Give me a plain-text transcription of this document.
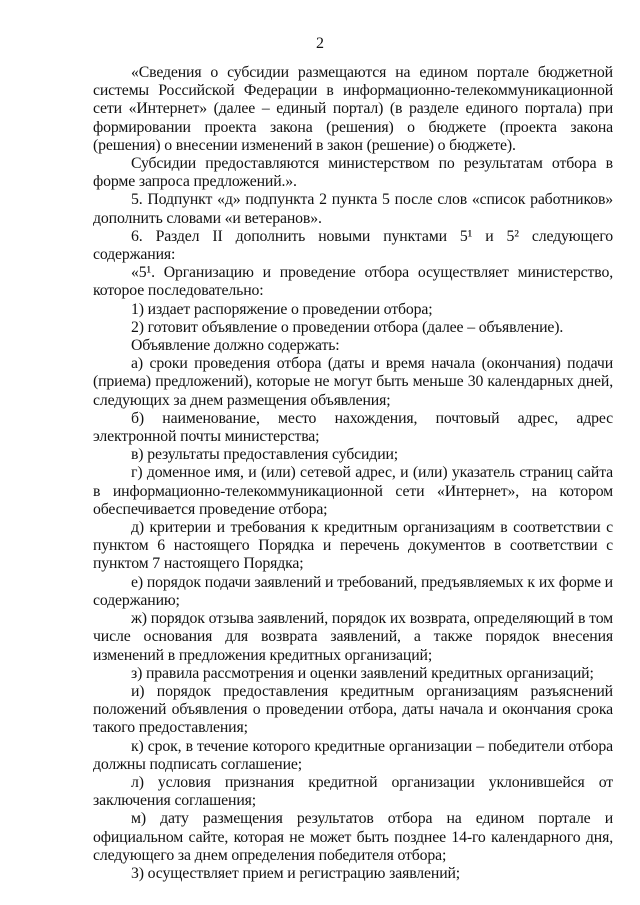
2

«Сведения о субсидии размещаются на едином портале бюджетной системы Российской Федерации в информационно-телекоммуникационной сети «Интернет» (далее – единый портал) (в разделе единого портала) при формировании проекта закона (решения) о бюджете (проекта закона (решения) о внесении изменений в закон (решение) о бюджете).

Субсидии предоставляются министерством по результатам отбора в форме запроса предложений.».

5. Подпункт «д» подпункта 2 пункта 5 после слов «список работников» дополнить словами «и ветеранов».

6. Раздел II дополнить новыми пунктами 5¹ и 5² следующего содержания:

«5¹. Организацию и проведение отбора осуществляет министерство, которое последовательно:

1) издает распоряжение о проведении отбора;

2) готовит объявление о проведении отбора (далее – объявление).

Объявление должно содержать:

а) сроки проведения отбора (даты и время начала (окончания) подачи (приема) предложений), которые не могут быть меньше 30 календарных дней, следующих за днем размещения объявления;

б) наименование, место нахождения, почтовый адрес, адрес электронной почты министерства;

в) результаты предоставления субсидии;

г) доменное имя, и (или) сетевой адрес, и (или) указатель страниц сайта в информационно-телекоммуникационной сети «Интернет», на котором обеспечивается проведение отбора;

д) критерии и требования к кредитным организациям в соответствии с пунктом 6 настоящего Порядка и перечень документов в соответствии с пунктом 7 настоящего Порядка;

е) порядок подачи заявлений и требований, предъявляемых к их форме и содержанию;

ж) порядок отзыва заявлений, порядок их возврата, определяющий в том числе основания для возврата заявлений, а также порядок внесения изменений в предложения кредитных организаций;

з) правила рассмотрения и оценки заявлений кредитных организаций;

и) порядок предоставления кредитным организациям разъяснений положений объявления о проведении отбора, даты начала и окончания срока такого предоставления;

к) срок, в течение которого кредитные организации – победители отбора должны подписать соглашение;

л) условия признания кредитной организации уклонившейся от заключения соглашения;

м) дату размещения результатов отбора на едином портале и официальном сайте, которая не может быть позднее 14-го календарного дня, следующего за днем определения победителя отбора;

3) осуществляет прием и регистрацию заявлений;
